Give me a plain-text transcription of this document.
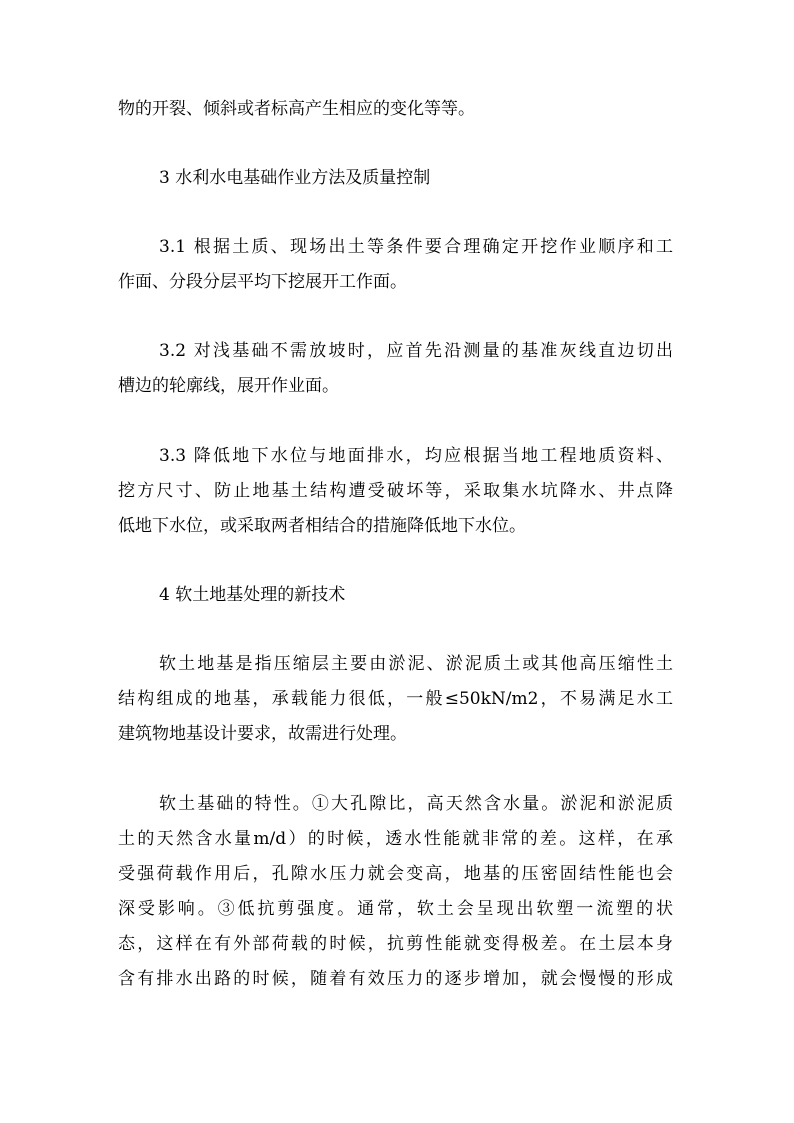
物的开裂、倾斜或者标高产生相应的变化等等。
3 水利水电基础作业方法及质量控制
3.1 根据土质、现场出土等条件要合理确定开挖作业顺序和工
作面、分段分层平均下挖展开工作面。
3.2 对浅基础不需放坡时，应首先沿测量的基准灰线直边切出
槽边的轮廓线，展开作业面。
3.3 降低地下水位与地面排水，均应根据当地工程地质资料、
挖方尺寸、防止地基土结构遭受破坏等，采取集水坑降水、井点降
低地下水位，或采取两者相结合的措施降低地下水位。
4 软土地基处理的新技术
软土地基是指压缩层主要由淤泥、淤泥质土或其他高压缩性土
结构组成的地基，承载能力很低，一般≤50kN/m2，不易满足水工
建筑物地基设计要求，故需进行处理。
软土基础的特性。①大孔隙比，高天然含水量。淤泥和淤泥质
土的天然含水量m/d）的时候，透水性能就非常的差。这样，在承
受强荷载作用后，孔隙水压力就会变高，地基的压密固结性能也会
深受影响。③低抗剪强度。通常，软土会呈现出软塑一流塑的状
态，这样在有外部荷载的时候，抗剪性能就变得极差。在土层本身
含有排水出路的时候，随着有效压力的逐步增加，就会慢慢的形成
